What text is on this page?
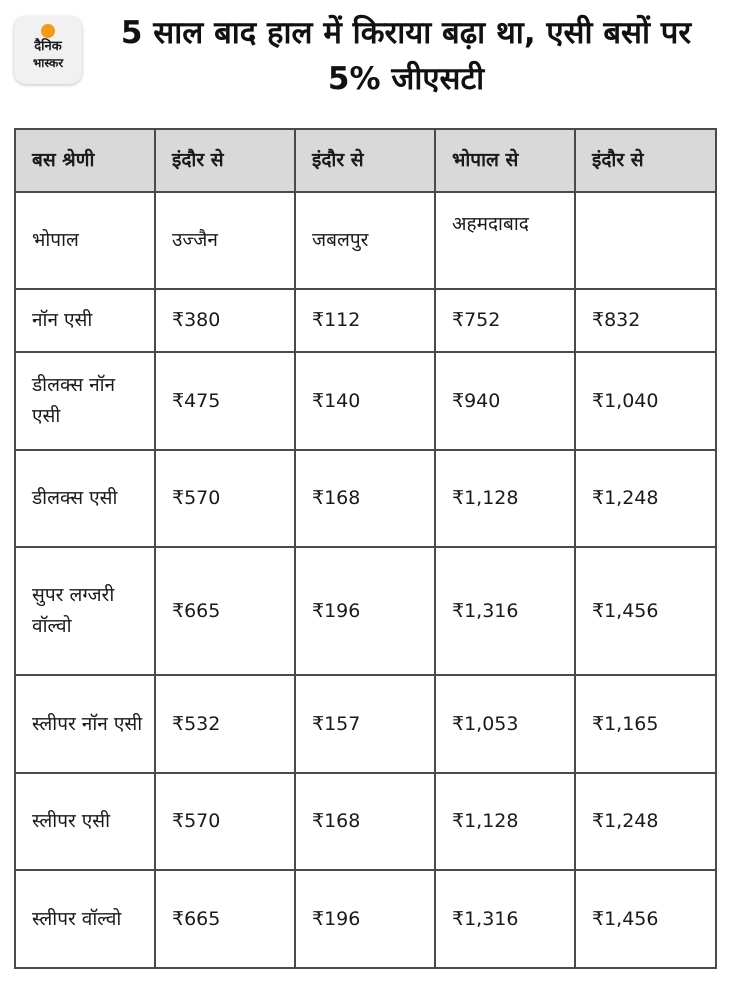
दैनिक
भास्कर
5 साल बाद हाल में किराया बढ़ा था, एसी बसों पर 5% जीएसटी
बस श्रेणी	इंदौर से	इंदौर से	भोपाल से	इंदौर से
भोपाल	उज्जैन	जबलपुर	अहमदाबाद	
नॉन एसी	₹380	₹112	₹752	₹832
डीलक्स नॉन एसी	₹475	₹140	₹940	₹1,040
डीलक्स एसी	₹570	₹168	₹1,128	₹1,248
सुपर लग्जरी वॉल्वो	₹665	₹196	₹1,316	₹1,456
स्लीपर नॉन एसी	₹532	₹157	₹1,053	₹1,165
स्लीपर एसी	₹570	₹168	₹1,128	₹1,248
स्लीपर वॉल्वो	₹665	₹196	₹1,316	₹1,456
